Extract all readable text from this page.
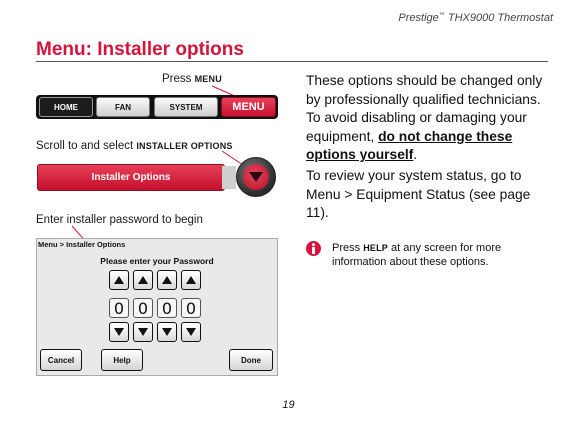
Prestige™ THX9000 Thermostat
Menu: Installer options
Press MENU
HOME	FAN	SYSTEM	MENU
Scroll to and select INSTALLER OPTIONS
Installer Options
Enter installer password to begin
Menu > Installer Options
Please enter your Password
0 0 0 0
Cancel	Help	Done
These options should be changed only by professionally qualified technicians. To avoid disabling or damaging your equipment, do not change these options yourself.
To review your system status, go to Menu > Equipment Status (see page 11).
Press HELP at any screen for more information about these options.
19
